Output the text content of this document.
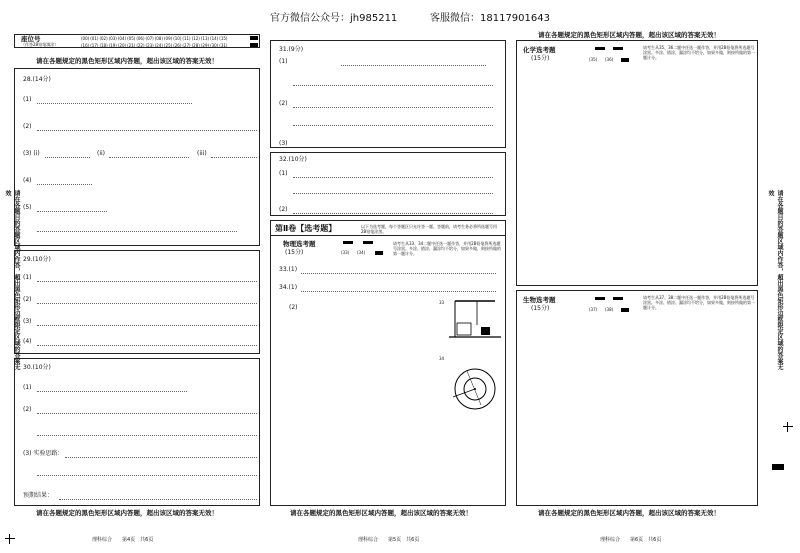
官方微信公众号：jh985211	客服微信：18117901643
座位号
（作答2B铅笔填涂）
(00) (01) (02) (03) (04) (05) (06) (07) (08) (09) (10) (11) (12) (13) (14) (15)
(16) (17) (18) (19) (20) (21) (22) (23) (24) (25) (26) (27) (28) (29) (30) (31)
请在各题规定的黑色矩形区域内答题，超出该区域的答案无效！
28.(14分)
(1)
(2)
(3) (i)	(ii)	(iii)
(4)
(5)
29.(10分)
(1)
(2)
(3)
(4)
30.(10分)
(1)
(2)
(3) 实验思路：
预期结果：
请在各题规定的黑色矩形区域内答题，超出该区域的答案无效！
理科综合　　第4页　共6页
请在各题目的答题区域内作答，超出黑色矩形边框限定区域的答案无效
31.(9分)
(1)
(2)
(3)
32.(10分)
(1)
(2)
第Ⅱ卷【选考题】	以下为选考题，每个答题区只允许答一题。答题前，请考生务必将所选题号用2B铅笔涂黑。
物理选考题
(15分)	(33) (34)
请考生从33、34二题中任选一题作答，并用2B铅笔将所选题号涂黑。多涂、错涂、漏涂均不给分，如果多做，则按所做的第一题计分。
33.(1)
34.(1)
(2)
33
34
请在各题规定的黑色矩形区域内答题，超出该区域的答案无效！
理科综合　　第5页　共6页
请在各题规定的黑色矩形区域内答题，超出该区域的答案无效！
化学选考题
(15分)	(35) (36)
请考生从35、36二题中任选一题作答，并用2B铅笔将所选题号涂黑。多涂、错涂、漏涂均不给分，如果多做，则按所做的第一题计分。
生物选考题
(15分)	(37) (38)
请考生从37、38二题中任选一题作答，并用2B铅笔将所选题号涂黑。多涂、错涂、漏涂均不给分，如果多做，则按所做的第一题计分。
请在各题规定的黑色矩形区域内答题，超出该区域的答案无效！
理科综合　　第6页　共6页
请在各题目的答题区域内作答，超出黑色矩形边框限定区域的答案无效
